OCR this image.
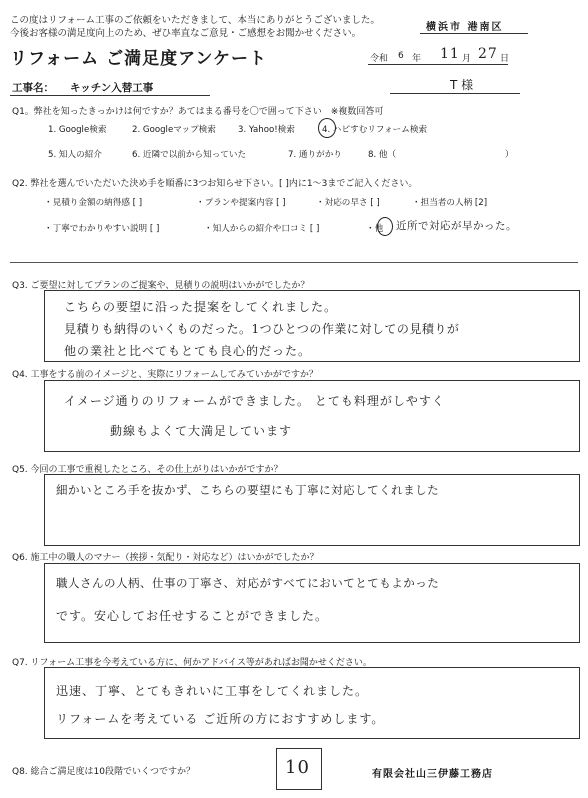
この度はリフォーム工事のご依頼をいただきまして、本当にありがとうございました。
今後お客様の満足度向上のため、ぜひ率直なご意見・ご感想をお聞かせください。
横浜市 港南区
リフォーム ご満足度アンケート	令和 6 年 11 月 27 日
工事名： キッチン入替工事	T 様
Q1。弊社を知ったきっかけは何ですか？あてはまる番号を〇で囲って下さい　※複数回答可
1. Google検索	2. Googleマップ検索	3. Yahoo!検索	4. ハピすむリフォーム検索
5. 知人の紹介	6. 近隣で以前から知っていた	7. 通りがかり	8. 他（	）
Q2. 弊社を選んでいただいた決め手を順番に3つお知らせ下さい。[ ]内に1～3までご記入ください。
・見積り金額の納得感 [ ]	・プランや提案内容 [ ]	・対応の早さ [ ]	・担当者の人柄 [2]
・丁寧でわかりやすい説明 [ ]	・知人からの紹介や口コミ [ ]	・他 近所で対応が早かった。
Q3. ご要望に対してプランのご提案や、見積りの説明はいかがでしたか？
こちらの要望に沿った提案をしてくれました。
見積りも納得のいくものだった。1つひとつの作業に対しての見積りが
他の業社と比べてもとても良心的だった。
Q4. 工事をする前のイメージと、実際にリフォームしてみていかがですか？
イメージ通りのリフォームができました。 とても料理がしやすく
動線もよくて大満足しています
Q5. 今回の工事で重視したところ、その仕上がりはいかがですか？
細かいところ手を抜かず、こちらの要望にも丁寧に対応してくれました
Q6. 施工中の職人のマナー（挨拶・気配り・対応など）はいかがでしたか？
職人さんの人柄、仕事の丁寧さ、対応がすべてにおいてとてもよかった
です。安心してお任せすることができました。
Q7. リフォーム工事を今考えている方に、何かアドバイス等があればお聞かせください。
迅速、丁寧、とてもきれいに工事をしてくれました。
リフォームを考えている ご近所の方におすすめします。
Q8. 総合ご満足度は10段階でいくつですか？	10	有限会社山三伊藤工務店
